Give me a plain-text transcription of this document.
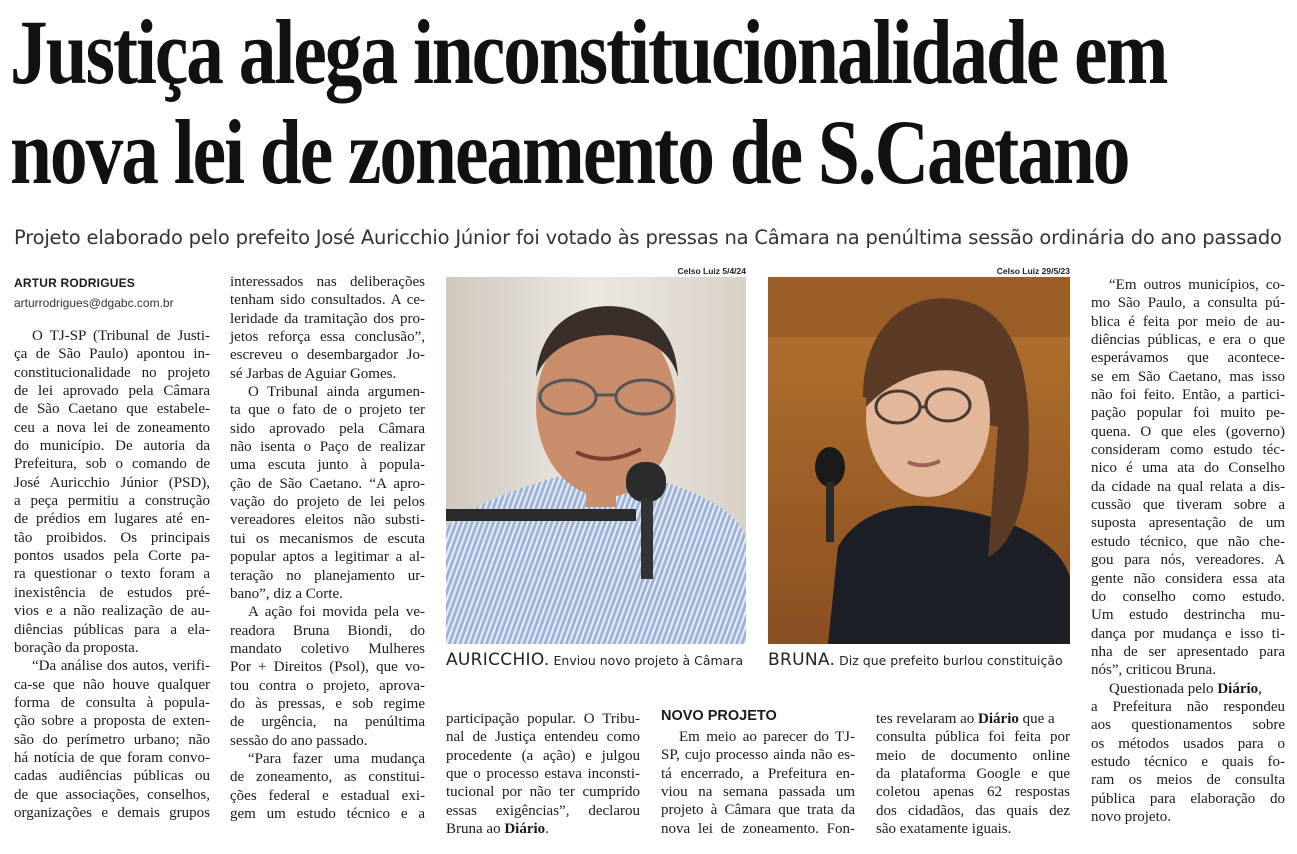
Justiça alega inconstitucionalidade em
nova lei de zoneamento de S.Caetano
Projeto elaborado pelo prefeito José Auricchio Júnior foi votado às pressas na Câmara na penúltima sessão ordinária do ano passado
ARTUR RODRIGUES
arturrodrigues@dgabc.com.br
O TJ-SP (Tribunal de Justi-
ça de São Paulo) apontou in-
constitucionalidade no projeto
de lei aprovado pela Câmara
de São Caetano que estabele-
ceu a nova lei de zoneamento
do município. De autoria da
Prefeitura, sob o comando de
José Auricchio Júnior (PSD),
a peça permitiu a construção
de prédios em lugares até en-
tão proibidos. Os principais
pontos usados pela Corte pa-
ra questionar o texto foram a
inexistência de estudos pré-
vios e a não realização de au-
diências públicas para a ela-
boração da proposta.
“Da análise dos autos, verifi-
ca-se que não houve qualquer
forma de consulta à popula-
ção sobre a proposta de exten-
são do perímetro urbano; não
há notícia de que foram convo-
cadas audiências públicas ou
de que associações, conselhos,
organizações e demais grupos
interessados nas deliberações
tenham sido consultados. A ce-
leridade da tramitação dos pro-
jetos reforça essa conclusão”,
escreveu o desembargador Jo-
sé Jarbas de Aguiar Gomes.
O Tribunal ainda argumen-
ta que o fato de o projeto ter
sido aprovado pela Câmara
não isenta o Paço de realizar
uma escuta junto à popula-
ção de São Caetano. “A apro-
vação do projeto de lei pelos
vereadores eleitos não substi-
tui os mecanismos de escuta
popular aptos a legitimar a al-
teração no planejamento ur-
bano”, diz a Corte.
A ação foi movida pela ve-
readora Bruna Biondi, do
mandato coletivo Mulheres
Por + Direitos (Psol), que vo-
tou contra o projeto, aprova-
do às pressas, e sob regime
de urgência, na penúltima
sessão do ano passado.
“Para fazer uma mudança
de zoneamento, as constitui-
ções federal e estadual exi-
gem um estudo técnico e a
Celso Luiz 5/4/24
AURICCHIO. Enviou novo projeto à Câmara
Celso Luiz 29/5/23
BRUNA. Diz que prefeito burlou constituição
participação popular. O Tribu-
nal de Justiça entendeu como
procedente (a ação) e julgou
que o processo estava inconsti-
tucional por não ter cumprido
essas exigências”, declarou

Bruna ao Diário.

NOVO PROJETO
Em meio ao parecer do TJ-
SP, cujo processo ainda não es-
tá encerrado, a Prefeitura en-
viou na semana passada um
projeto à Câmara que trata da
nova lei de zoneamento. Fon-

tes revelaram ao Diário que a

consulta pública foi feita por
meio de documento online
da plataforma Google e que
coletou apenas 62 respostas
dos cidadãos, das quais dez
são exatamente iguais.
“Em outros municípios, co-
mo São Paulo, a consulta pú-
blica é feita por meio de au-
diências públicas, e era o que
esperávamos que acontece-
se em São Caetano, mas isso
não foi feito. Então, a partici-
pação popular foi muito pe-
quena. O que eles (governo)
consideram como estudo téc-
nico é uma ata do Conselho
da cidade na qual relata a dis-
cussão que tiveram sobre a
suposta apresentação de um
estudo técnico, que não che-
gou para nós, vereadores. A
gente não considera essa ata
do conselho como estudo.
Um estudo destrincha mu-
dança por mudança e isso ti-
nha de ser apresentado para
nós”, criticou Bruna.

Questionada pelo Diário,

a Prefeitura não respondeu
aos questionamentos sobre
os métodos usados para o
estudo técnico e quais fo-
ram os meios de consulta
pública para elaboração do
novo projeto.
